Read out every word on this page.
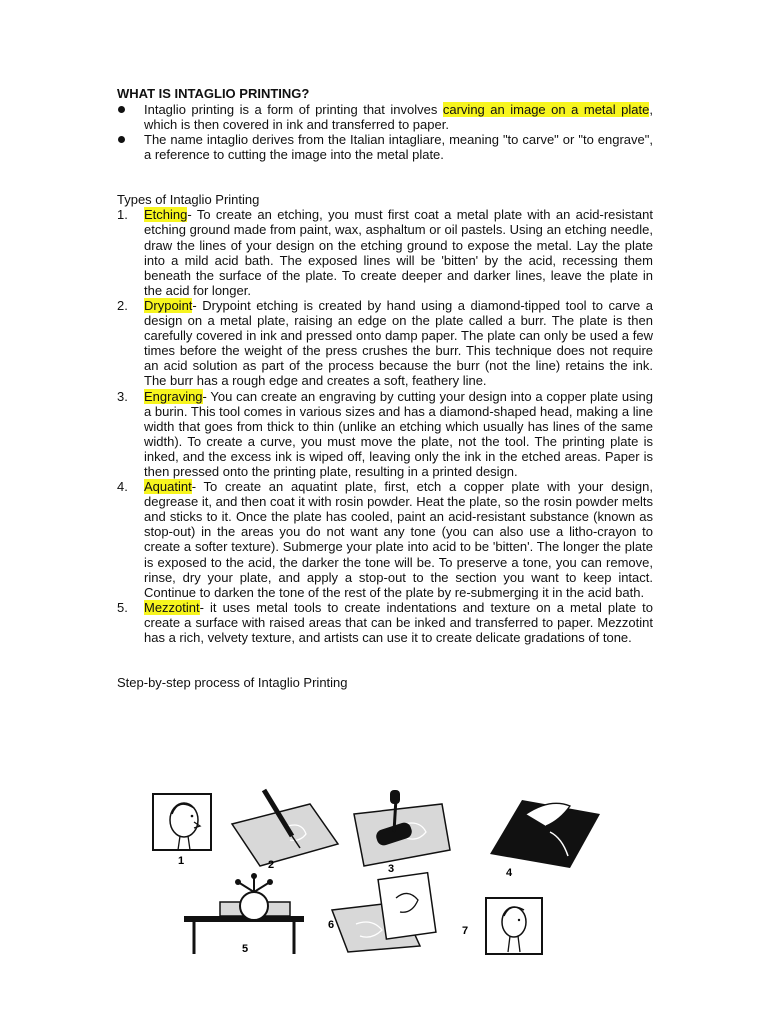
WHAT IS INTAGLIO PRINTING?
Intaglio printing is a form of printing that involves carving an image on a metal plate, which is then covered in ink and transferred to paper.
The name intaglio derives from the Italian intagliare, meaning "to carve" or "to engrave", a reference to cutting the image into the metal plate.
Types of Intaglio Printing
1. Etching- To create an etching, you must first coat a metal plate with an acid-resistant etching ground made from paint, wax, asphaltum or oil pastels. Using an etching needle, draw the lines of your design on the etching ground to expose the metal. Lay the plate into a mild acid bath. The exposed lines will be 'bitten' by the acid, recessing them beneath the surface of the plate. To create deeper and darker lines, leave the plate in the acid for longer.
2. Drypoint- Drypoint etching is created by hand using a diamond-tipped tool to carve a design on a metal plate, raising an edge on the plate called a burr. The plate is then carefully covered in ink and pressed onto damp paper. The plate can only be used a few times before the weight of the press crushes the burr. This technique does not require an acid solution as part of the process because the burr (not the line) retains the ink. The burr has a rough edge and creates a soft, feathery line.
3. Engraving- You can create an engraving by cutting your design into a copper plate using a burin. This tool comes in various sizes and has a diamond-shaped head, making a line width that goes from thick to thin (unlike an etching which usually has lines of the same width). To create a curve, you must move the plate, not the tool. The printing plate is inked, and the excess ink is wiped off, leaving only the ink in the etched areas. Paper is then pressed onto the printing plate, resulting in a printed design.
4. Aquatint- To create an aquatint plate, first, etch a copper plate with your design, degrease it, and then coat it with rosin powder. Heat the plate, so the rosin powder melts and sticks to it. Once the plate has cooled, paint an acid-resistant substance (known as stop-out) in the areas you do not want any tone (you can also use a litho-crayon to create a softer texture). Submerge your plate into acid to be 'bitten'. The longer the plate is exposed to the acid, the darker the tone will be. To preserve a tone, you can remove, rinse, dry your plate, and apply a stop-out to the section you want to keep intact. Continue to darken the tone of the rest of the plate by re-submerging it in the acid bath.
5. Mezzotint- it uses metal tools to create indentations and texture on a metal plate to create a surface with raised areas that can be inked and transferred to paper. Mezzotint has a rich, velvety texture, and artists can use it to create delicate gradations of tone.
Step-by-step process of Intaglio Printing
1	2	3	4
5
6	7
